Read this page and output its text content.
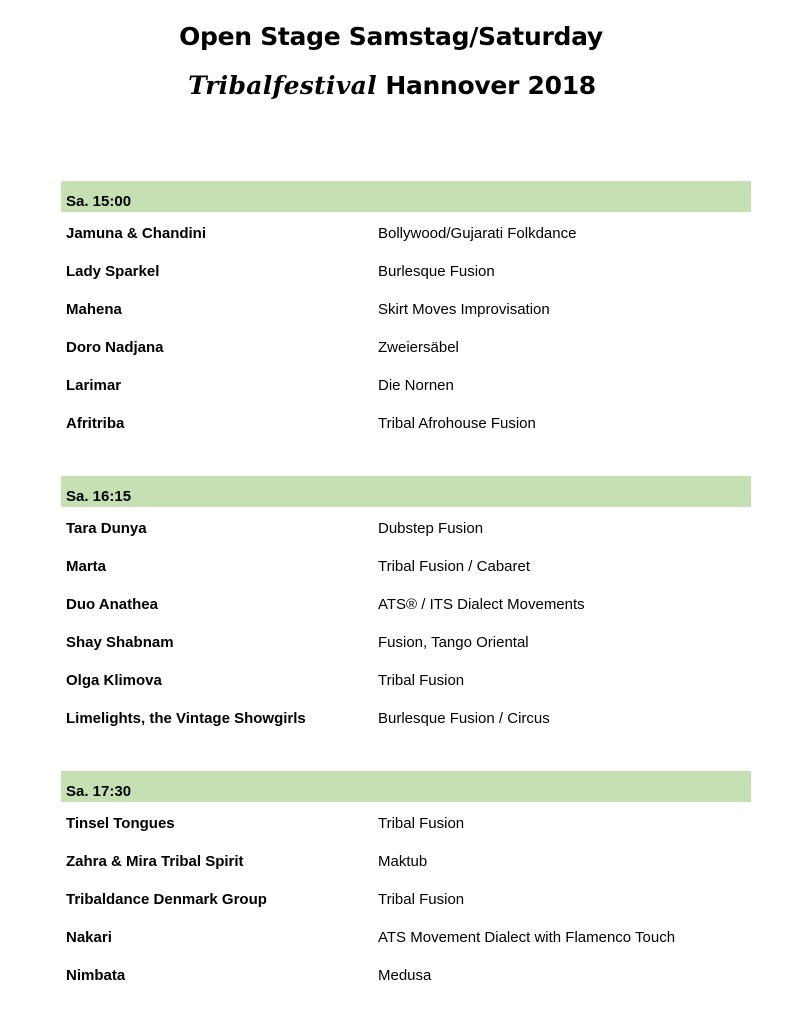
Open Stage Samstag/Saturday
Tribalfestival Hannover 2018
Sa. 15:00
Jamuna & Chandini	Bollywood/Gujarati Folkdance
Lady Sparkel	Burlesque Fusion
Mahena	Skirt Moves Improvisation
Doro Nadjana	Zweiersäbel
Larimar	Die Nornen
Afritriba	Tribal Afrohouse Fusion
Sa. 16:15
Tara Dunya	Dubstep Fusion
Marta	Tribal Fusion / Cabaret
Duo Anathea	ATS® / ITS Dialect Movements
Shay Shabnam	Fusion, Tango Oriental
Olga Klimova	Tribal Fusion
Limelights, the Vintage Showgirls	Burlesque Fusion / Circus
Sa. 17:30
Tinsel Tongues	Tribal Fusion
Zahra & Mira Tribal Spirit	Maktub
Tribaldance Denmark Group	Tribal Fusion
Nakari	ATS Movement Dialect with Flamenco Touch
Nimbata	Medusa
